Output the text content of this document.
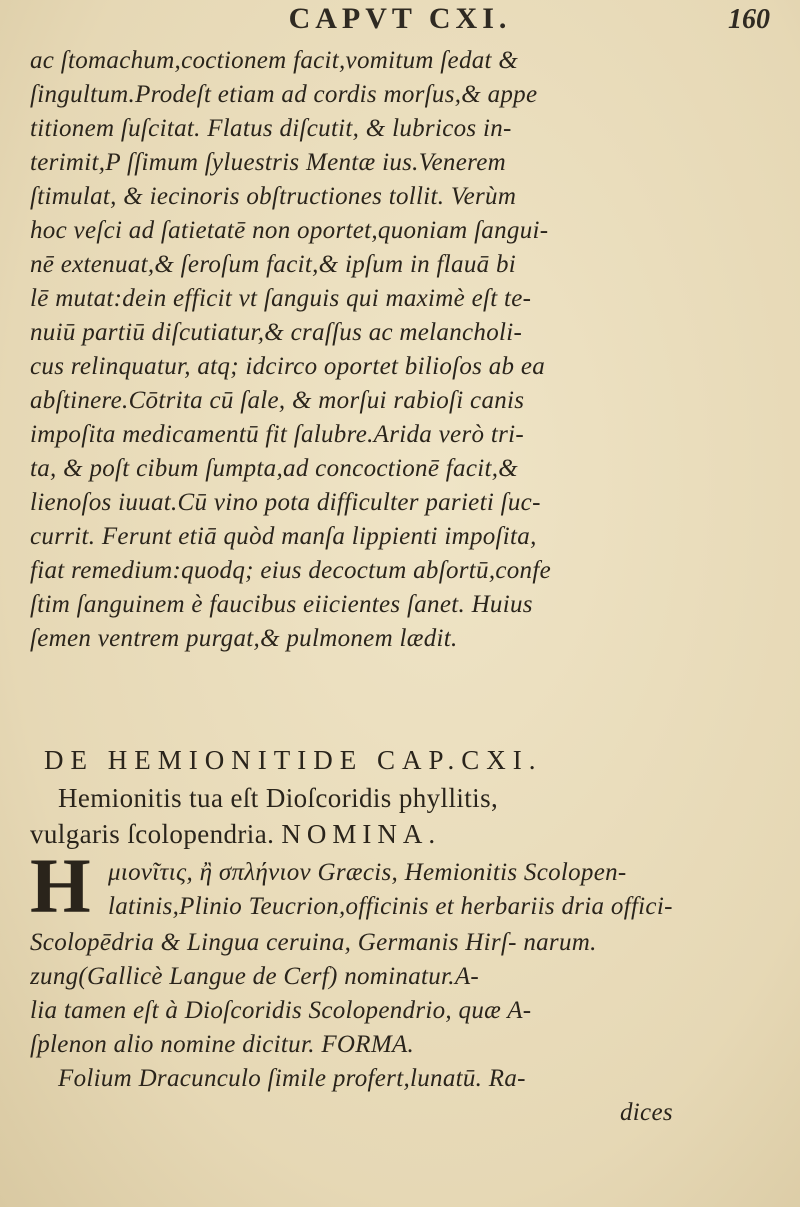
CAPVT CXI.	160
ac ſtomachum,coctionem facit,vomitum ſedat &
ſingultum.Prodeſt etiam ad cordis morſus,& appe
titionem ſuſcitat. Flatus diſcutit, & lubricos in-
terimit,P ſſimum ſyluestris Mentæ ius.Venerem
ſtimulat, & iecinoris obſtructiones tollit. Verùm
hoc veſci ad ſatietatē non oportet,quoniam ſangui-
nē extenuat,& ſeroſum facit,& ipſum in flauā bi
lē mutat:dein efficit vt ſanguis qui maximè eſt te-
nuiū partiū diſcutiatur,& craſſus ac melancholi-
cus relinquatur, atq; idcirco oportet bilioſos ab ea
abſtinere.Cōtrita cū ſale, & morſui rabioſi canis
impoſita medicamentū fit ſalubre.Arida verò tri-
ta, & poſt cibum ſumpta,ad concoctionē facit,&
lienoſos iuuat.Cū vino pota difficulter parieti ſuc-
currit. Ferunt etiā quòd manſa lippienti impoſita,
fiat remedium:quodq; eius decoctum abſortū,confe
ſtim ſanguinem è faucibus eiicientes ſanet. Huius
ſemen ventrem purgat,& pulmonem lædit.
DE HEMIONITIDE CAP.CXI.
Hemionitis tua eſt Dioſcoridis phyllitis,
vulgaris ſcolopendria. NOMINA.
H μιονῖτις, ἢ σπλήνιον Græcis, Hemionitis Scolopen-
latinis,Plinio Teucrion,officinis et herbariis dria offici-
Scolopēdria & Lingua ceruina, Germanis Hirſ- narum.
zung(Gallicè Langue de Cerf) nominatur.A-
lia tamen eſt à Dioſcoridis Scolopendrio, quæ A-
ſplenon alio nomine dicitur. FORMA.
Folium Dracunculo ſimile profert,lunatū. Ra-
dices
